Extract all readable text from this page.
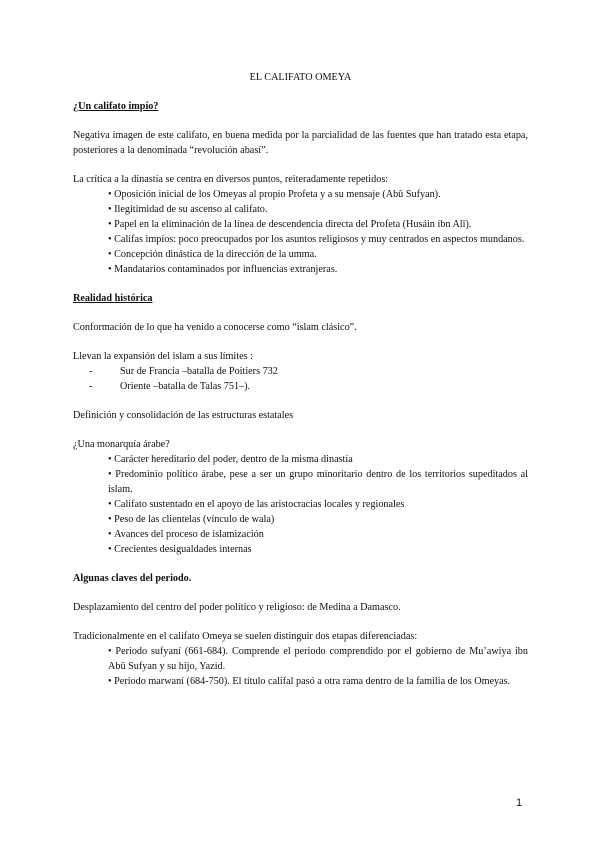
EL CALIFATO OMEYA
¿Un califato impío?

Negativa imagen de este califato, en buena medida por la parcialidad de las fuentes que han tratado esta etapa, posteriores a la denominada “revolución abasí”.

La crítica a la dinastía se centra en diversos puntos, reiteradamente repetidos:

• Oposición inicial de los Omeyas al propio Profeta y a su mensaje (Abū Sufyan).
• Ilegitimidad de su ascenso al califato.
• Papel en la eliminación de la línea de descendencia directa del Profeta (Husáin ibn Alī).
• Califas impíos: poco preocupados por los asuntos religiosos y muy centrados en aspectos mundanos.
• Concepción dinástica de la dirección de la umma.
• Mandatarios contaminados por influencias extranjeras.
Realidad histórica

Conformación de lo que ha venido a conocerse como “islam clásico”.

Llevan la expansión del islam a sus límites :

- Sur de Francia –batalla de Poitiers 732
- Oriente –batalla de Talas 751–).

Definición y consolidación de las estructuras estatales

¿Una monarquía árabe?

• Carácter hereditario del poder, dentro de la misma dinastía
• Predominio político árabe, pese a ser un grupo minoritario dentro de los territorios supeditados al islam.
• Califato sustentado en el apoyo de las aristocracias locales y regionales
• Peso de las clientelas (vínculo de wala)
• Avances del proceso de islamización
• Crecientes desigualdades internas
Algunas claves del periodo.

Desplazamiento del centro del poder político y religioso: de Medina a Damasco.

Tradicionalmente en el califato Omeya se suelen distinguir dos etapas diferenciadas:

• Periodo sufyaní (661-684). Comprende el periodo comprendido por el gobierno de Mu’awiya ibn Abū Sufyan y su hijo, Yazid.
• Periodo marwaní (684-750). El título califal pasó a otra rama dentro de la familia de los Omeyas.
1
